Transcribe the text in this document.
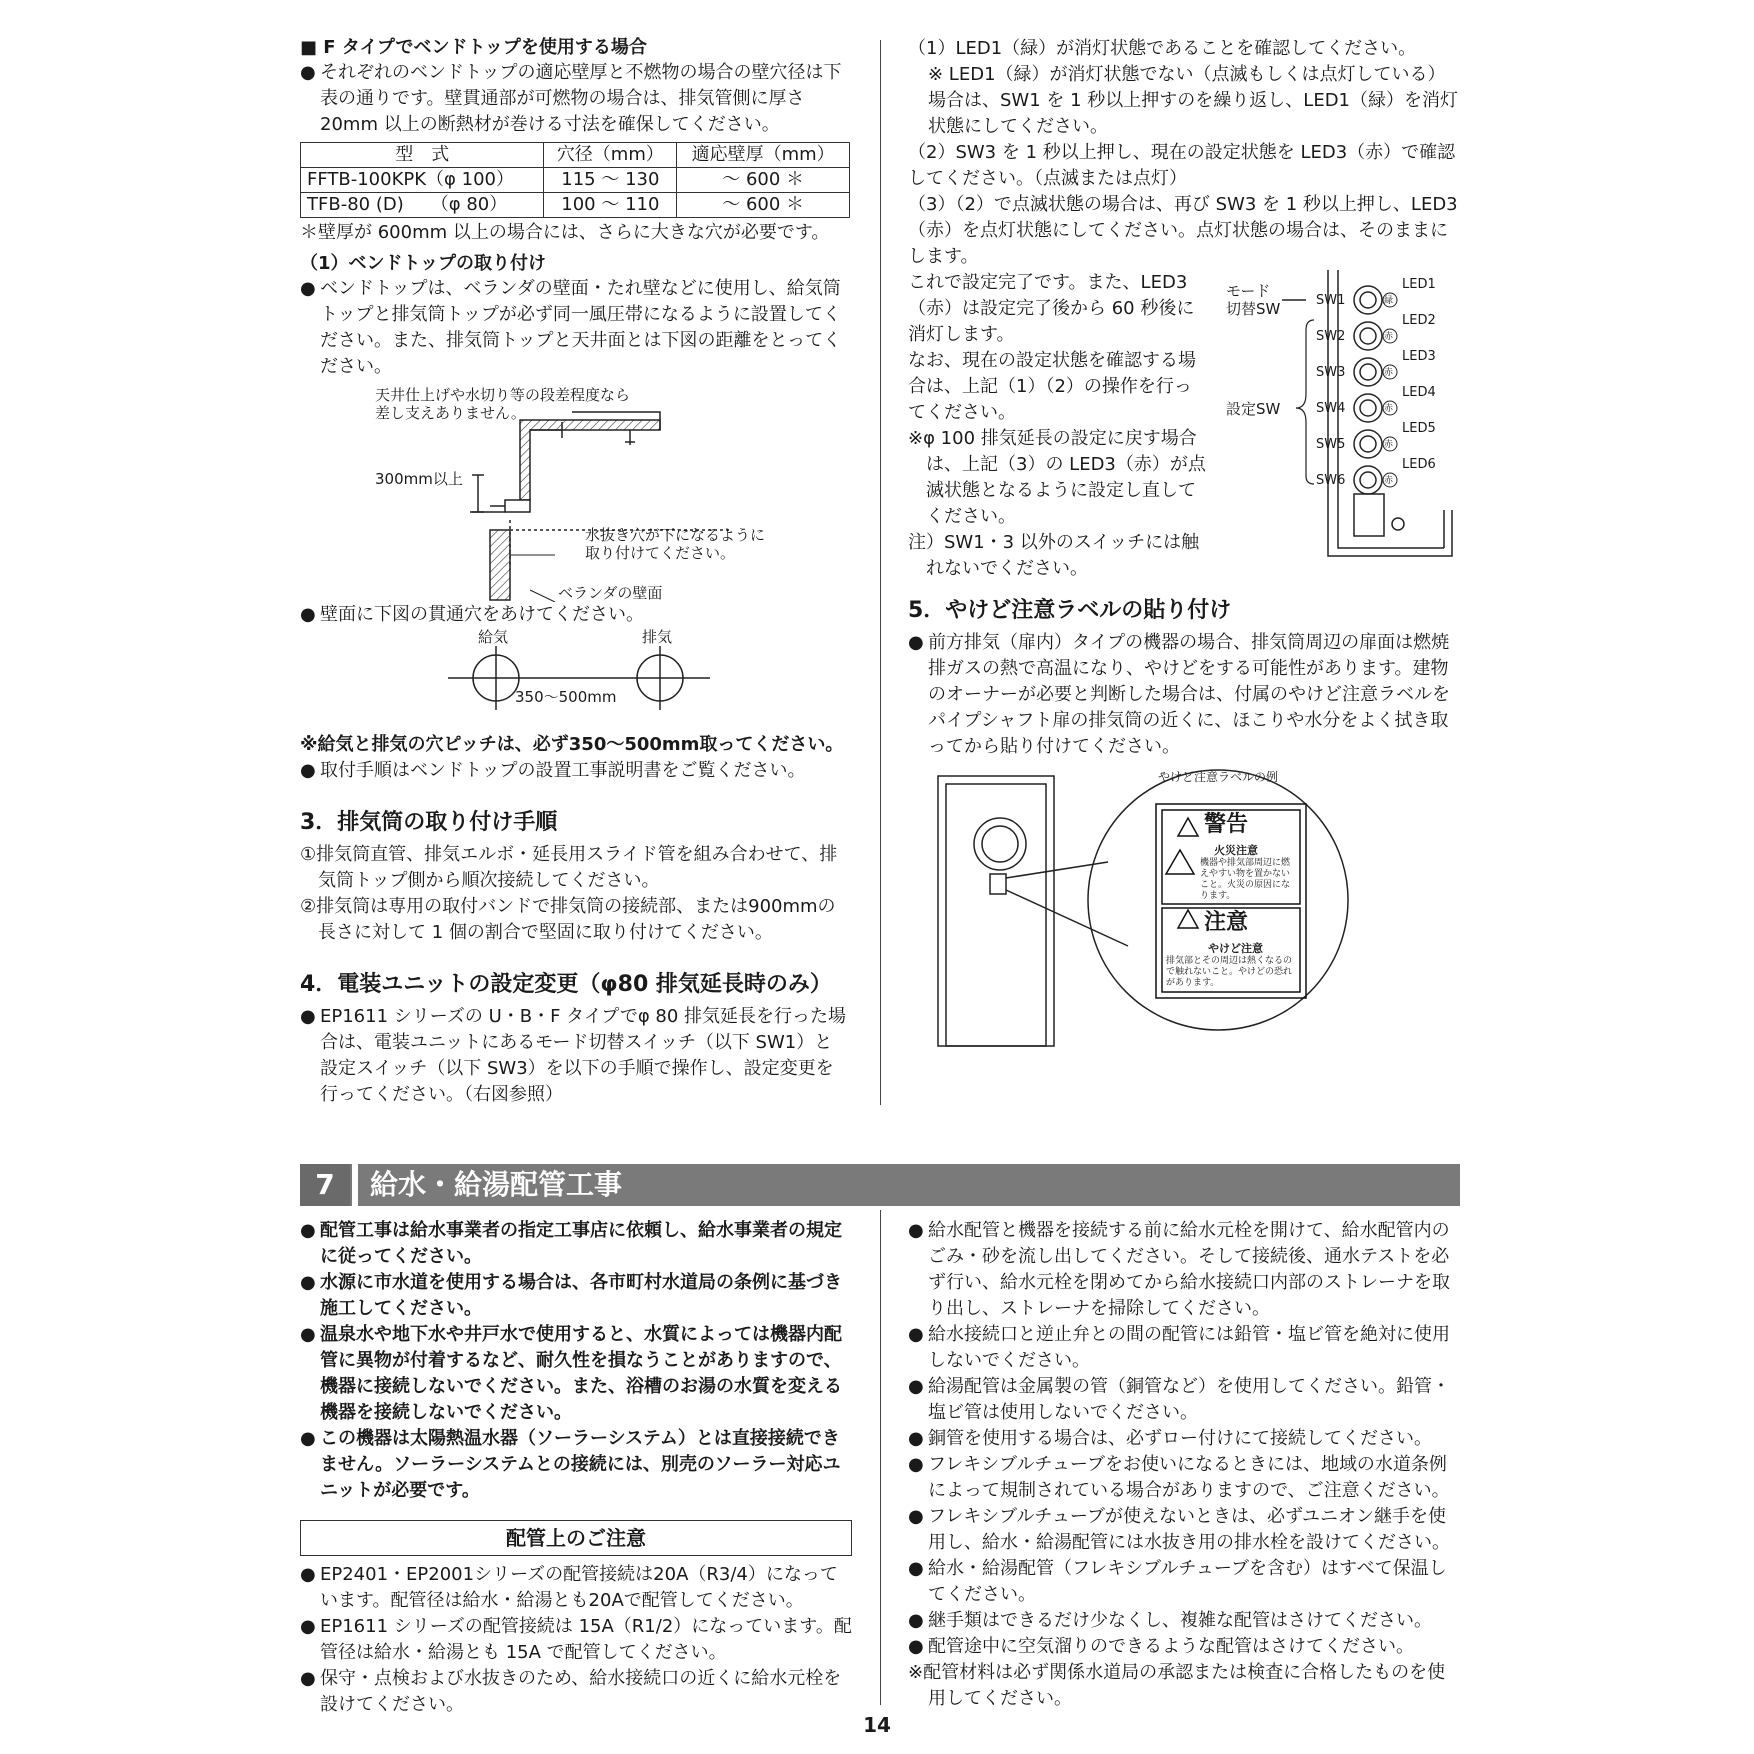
■ F タイプでベンドトップを使用する場合

● それぞれのベンドトップの適応壁厚と不燃物の場合の壁穴径は下表の通りです。壁貫通部が可燃物の場合は、排気管側に厚さ 20mm 以上の断熱材が巻ける寸法を確保してください。

型　式	穴径（mm）	適応壁厚（mm）
FFTB-100KPK（φ 100）	115 ～ 130	～ 600 ＊
TFB-80 (D)　　（φ 80）	100 ～ 110	～ 600 ＊
＊壁厚が 600mm 以上の場合には、さらに大きな穴が必要です。
（1）ベンドトップの取り付け

● ベンドトップは、ベランダの壁面・たれ壁などに使用し、給気筒トップと排気筒トップが必ず同一風圧帯になるように設置してください。また、排気筒トップと天井面とは下図の距離をとってください。

天井仕上げや水切り等の段差程度なら
差し支えありません。
300mm以上
水抜き穴が下になるように
取り付けてください。
ベランダの壁面

● 壁面に下図の貫通穴をあけてください。

給気	排気
350～500mm
※給気と排気の穴ピッチは、必ず350～500mm取ってください。

● 取付手順はベンドトップの設置工事説明書をご覧ください。

3．排気筒の取り付け手順
①排気筒直管、排気エルボ・延長用スライド管を組み合わせて、排気筒トップ側から順次接続してください。
②排気筒は専用の取付バンドで排気筒の接続部、または900mmの長さに対して 1 個の割合で堅固に取り付けてください。
4．電装ユニットの設定変更（φ80 排気延長時のみ）

● EP1611 シリーズの U・B・F タイプでφ 80 排気延長を行った場合は、電装ユニットにあるモード切替スイッチ（以下 SW1）と設定スイッチ（以下 SW3）を以下の手順で操作し、設定変更を行ってください。（右図参照）

（1）LED1（緑）が消灯状態であることを確認してください。
※ LED1（緑）が消灯状態でない（点滅もしくは点灯している）場合は、SW1 を 1 秒以上押すのを繰り返し、LED1（緑）を消灯状態にしてください。
（2）SW3 を 1 秒以上押し、現在の設定状態を LED3（赤）で確認してください。（点滅または点灯）
（3）（2）で点滅状態の場合は、再び SW3 を 1 秒以上押し、LED3（赤）を点灯状態にしてください。点灯状態の場合は、そのままにします。
これで設定完了です。また、LED3（赤）は設定完了後から 60 秒後に消灯します。
なお、現在の設定状態を確認する場合は、上記（1）（2）の操作を行ってください。
※φ 100 排気延長の設定に戻す場合は、上記（3）の LED3（赤）が点滅状態となるように設定し直してください。
注）SW1・3 以外のスイッチには触れないでください。
モード
切替SW
設定SW
SW1
SW2
SW3
SW4
SW5
SW6
LED1
LED2
LED3
LED4
LED5
LED6
緑
赤
赤
赤
赤
赤
5．やけど注意ラベルの貼り付け

● 前方排気（扉内）タイプの機器の場合、排気筒周辺の扉面は燃焼排ガスの熱で高温になり、やけどをする可能性があります。建物のオーナーが必要と判断した場合は、付属のやけど注意ラベルをパイプシャフト扉の排気筒の近くに、ほこりや水分をよく拭き取ってから貼り付けてください。

やけど注意ラベルの例
警告
火災注意
機器や排気部周辺に燃えやすい物を置かないこと。火災の原因になります。
注意
やけど注意
排気部とその周辺は熱くなるので触れないこと。やけどの恐れがあります。
7	給水・給湯配管工事

● 配管工事は給水事業者の指定工事店に依頼し、給水事業者の規定に従ってください。

● 水源に市水道を使用する場合は、各市町村水道局の条例に基づき施工してください。

● 温泉水や地下水や井戸水で使用すると、水質によっては機器内配管に異物が付着するなど、耐久性を損なうことがありますので、機器に接続しないでください。また、浴槽のお湯の水質を変える機器を接続しないでください。

● この機器は太陽熱温水器（ソーラーシステム）とは直接接続できません。ソーラーシステムとの接続には、別売のソーラー対応ユニットが必要です。

配管上のご注意

● EP2401・EP2001シリーズの配管接続は20A（R3/4）になっています。配管径は給水・給湯とも20Aで配管してください。

● EP1611 シリーズの配管接続は 15A（R1/2）になっています。配管径は給水・給湯とも 15A で配管してください。

● 保守・点検および水抜きのため、給水接続口の近くに給水元栓を設けてください。

● 給水配管と機器を接続する前に給水元栓を開けて、給水配管内のごみ・砂を流し出してください。そして接続後、通水テストを必ず行い、給水元栓を閉めてから給水接続口内部のストレーナを取り出し、ストレーナを掃除してください。

● 給水接続口と逆止弁との間の配管には鉛管・塩ビ管を絶対に使用しないでください。

● 給湯配管は金属製の管（銅管など）を使用してください。鉛管・塩ビ管は使用しないでください。

● 銅管を使用する場合は、必ずロー付けにて接続してください。

● フレキシブルチューブをお使いになるときには、地域の水道条例によって規制されている場合がありますので、ご注意ください。

● フレキシブルチューブが使えないときは、必ずユニオン継手を使用し、給水・給湯配管には水抜き用の排水栓を設けてください。

● 給水・給湯配管（フレキシブルチューブを含む）はすべて保温してください。

● 継手類はできるだけ少なくし、複雑な配管はさけてください。

● 配管途中に空気溜りのできるような配管はさけてください。

※配管材料は必ず関係水道局の承認または検査に合格したものを使用してください。
14
